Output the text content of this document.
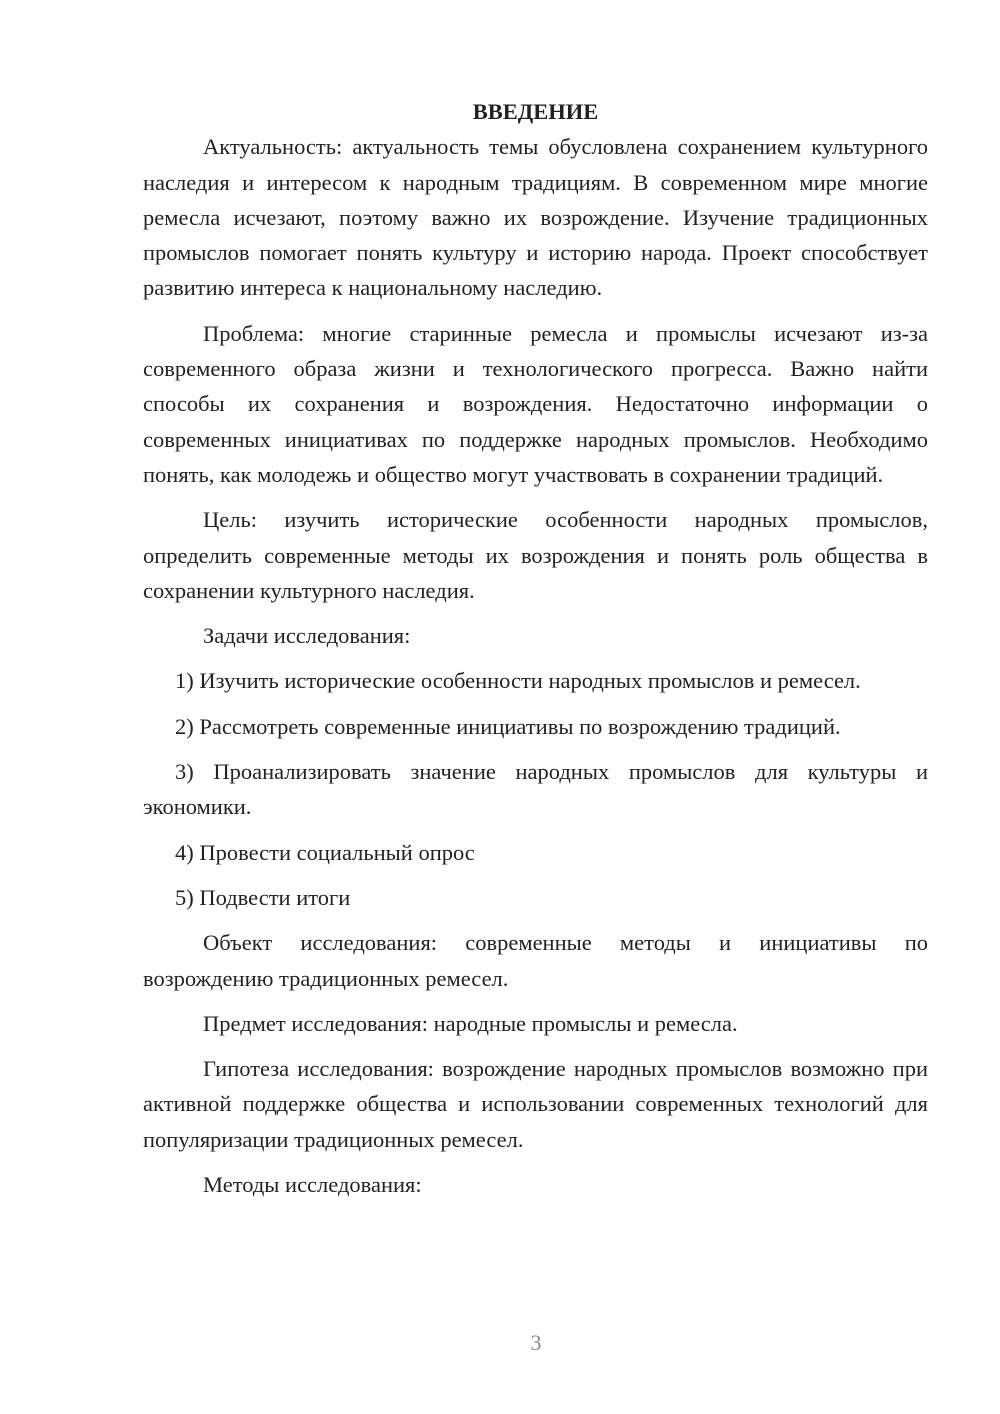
ВВЕДЕНИЕ

Актуальность: актуальность темы обусловлена сохранением культурного наследия и интересом к народным традициям. В современном мире многие ремесла исчезают, поэтому важно их возрождение. Изучение традиционных промыслов помогает понять культуру и историю народа. Проект способствует развитию интереса к национальному наследию.

Проблема: многие старинные ремесла и промыслы исчезают из-за современного образа жизни и технологического прогресса. Важно найти способы их сохранения и возрождения. Недостаточно информации о современных инициативах по поддержке народных промыслов. Необходимо понять, как молодежь и общество могут участвовать в сохранении традиций.

Цель: изучить исторические особенности народных промыслов, определить современные методы их возрождения и понять роль общества в сохранении культурного наследия.

Задачи исследования:

1) Изучить исторические особенности народных промыслов и ремесел.

2) Рассмотреть современные инициативы по возрождению традиций.

3) Проанализировать значение народных промыслов для культуры и экономики.

4) Провести социальный опрос

5) Подвести итоги

Объект исследования: современные методы и инициативы по возрождению традиционных ремесел.

Предмет исследования: народные промыслы и ремесла.

Гипотеза исследования: возрождение народных промыслов возможно при активной поддержке общества и использовании современных технологий для популяризации традиционных ремесел.

Методы исследования:

3
